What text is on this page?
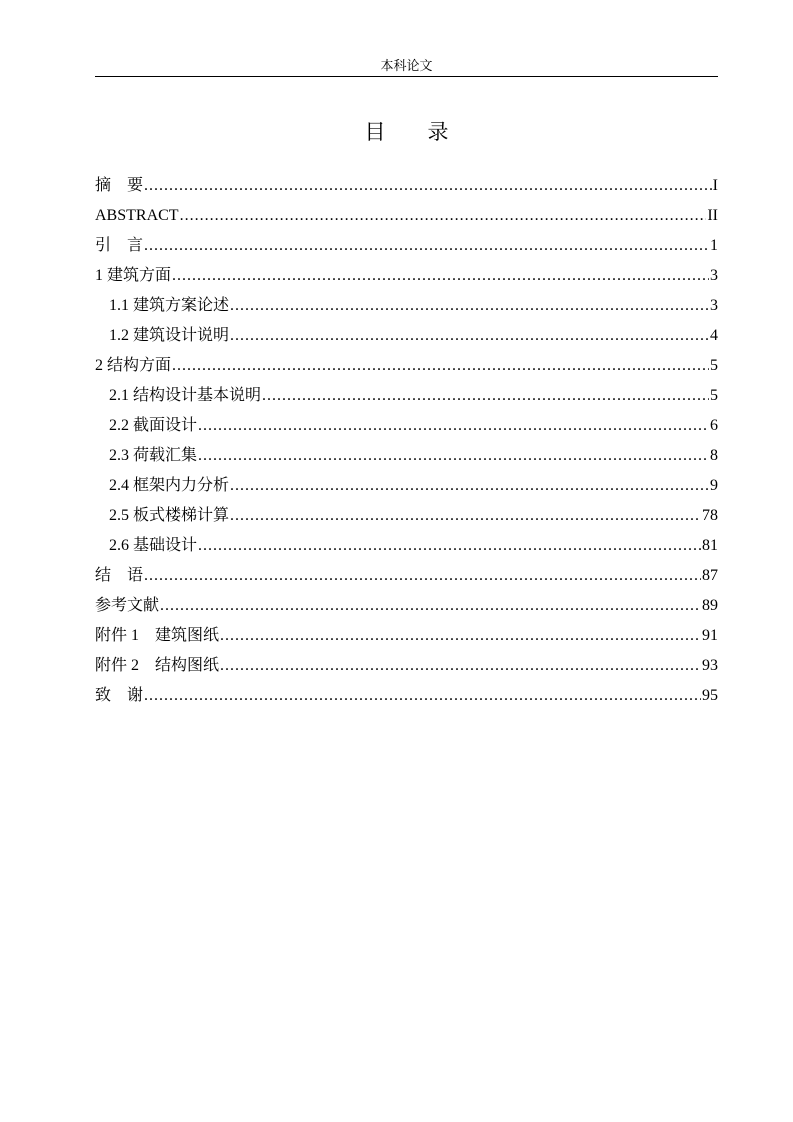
本科论文
目 录
摘　要 .....	I
ABSTRACT .....	II
引　言 .....	1
1 建筑方面 .....	3
1.1 建筑方案论述 .....	3
1.2 建筑设计说明 .....	4
2 结构方面 .....	5
2.1 结构设计基本说明 .....	5
2.2 截面设计 .....	6
2.3 荷载汇集 .....	8
2.4 框架内力分析 .....	9
2.5 板式楼梯计算 .....	78
2.6 基础设计 .....	81
结　语 .....	87
参考文献 .....	89
附件 1　建筑图纸 .....	91
附件 2　结构图纸 .....	93
致　谢 .....	95
